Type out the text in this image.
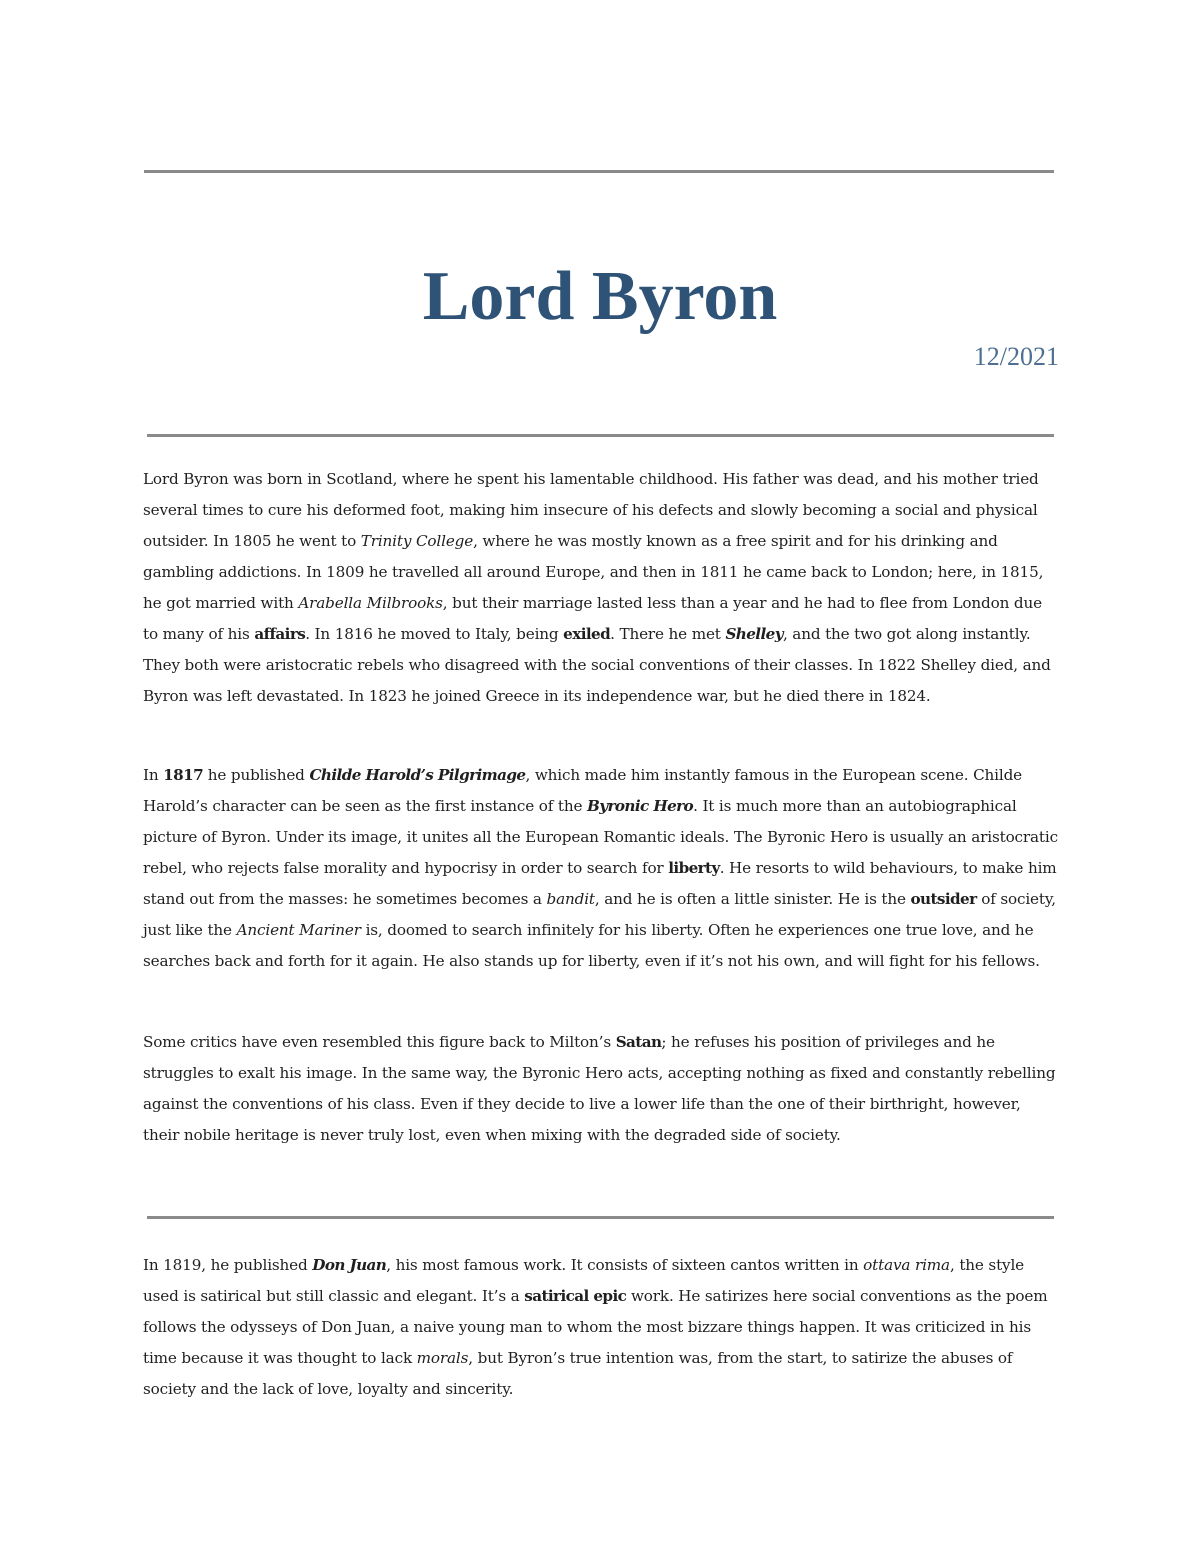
Lord Byron
12/2021

Lord Byron was born in Scotland, where he spent his lamentable childhood. His father was dead, and his mother tried several times to cure his deformed foot, making him insecure of his defects and slowly becoming a social and physical outsider. In 1805 he went to Trinity College, where he was mostly known as a free spirit and for his drinking and gambling addictions. In 1809 he travelled all around Europe, and then in 1811 he came back to London; here, in 1815, he got married with Arabella Milbrooks, but their marriage lasted less than a year and he had to flee from London due to many of his affairs. In 1816 he moved to Italy, being exiled. There he met Shelley, and the two got along instantly. They both were aristocratic rebels who disagreed with the social conventions of their classes. In 1822 Shelley died, and Byron was left devastated. In 1823 he joined Greece in its independence war, but he died there in 1824.

In 1817 he published Childe Harold’s Pilgrimage, which made him instantly famous in the European scene. Childe Harold’s character can be seen as the first instance of the Byronic Hero. It is much more than an autobiographical picture of Byron. Under its image, it unites all the European Romantic ideals. The Byronic Hero is usually an aristocratic rebel, who rejects false morality and hypocrisy in order to search for liberty. He resorts to wild behaviours, to make him stand out from the masses: he sometimes becomes a bandit, and he is often a little sinister. He is the outsider of society, just like the Ancient Mariner is, doomed to search infinitely for his liberty. Often he experiences one true love, and he searches back and forth for it again. He also stands up for liberty, even if it’s not his own, and will fight for his fellows.

Some critics have even resembled this figure back to Milton’s Satan; he refuses his position of privileges and he struggles to exalt his image. In the same way, the Byronic Hero acts, accepting nothing as fixed and constantly rebelling against the conventions of his class. Even if they decide to live a lower life than the one of their birthright, however, their nobile heritage is never truly lost, even when mixing with the degraded side of society.

In 1819, he published Don Juan, his most famous work. It consists of sixteen cantos written in ottava rima, the style used is satirical but still classic and elegant. It’s a satirical epic work. He satirizes here social conventions as the poem follows the odysseys of Don Juan, a naive young man to whom the most bizzare things happen. It was criticized in his time because it was thought to lack morals, but Byron’s true intention was, from the start, to satirize the abuses of society and the lack of love, loyalty and sincerity.
